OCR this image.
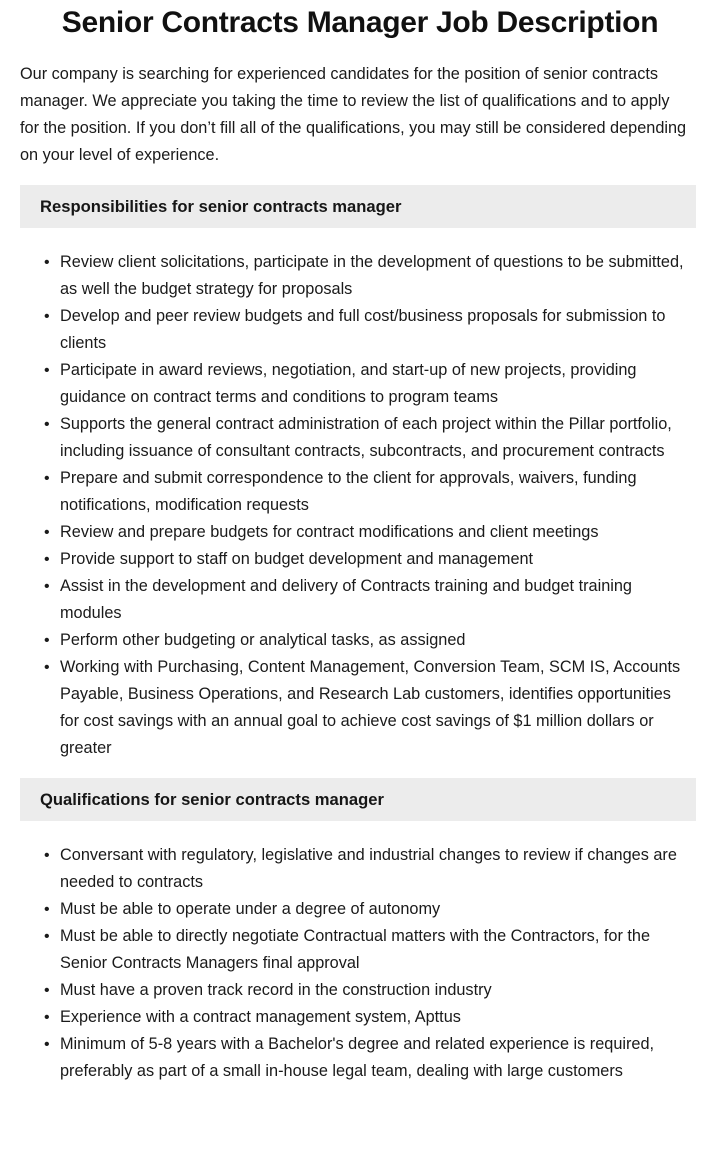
Senior Contracts Manager Job Description

Our company is searching for experienced candidates for the position of senior contracts manager. We appreciate you taking the time to review the list of qualifications and to apply for the position. If you don’t fill all of the qualifications, you may still be considered depending on your level of experience.

Responsibilities for senior contracts manager
• Review client solicitations, participate in the development of questions to be submitted, as well the budget strategy for proposals
• Develop and peer review budgets and full cost/business proposals for submission to clients
• Participate in award reviews, negotiation, and start-up of new projects, providing guidance on contract terms and conditions to program teams
• Supports the general contract administration of each project within the Pillar portfolio, including issuance of consultant contracts, subcontracts, and procurement contracts
• Prepare and submit correspondence to the client for approvals, waivers, funding notifications, modification requests
• Review and prepare budgets for contract modifications and client meetings
• Provide support to staff on budget development and management
• Assist in the development and delivery of Contracts training and budget training modules
• Perform other budgeting or analytical tasks, as assigned
• Working with Purchasing, Content Management, Conversion Team, SCM IS, Accounts Payable, Business Operations, and Research Lab customers, identifies opportunities for cost savings with an annual goal to achieve cost savings of $1 million dollars or greater
Qualifications for senior contracts manager
• Conversant with regulatory, legislative and industrial changes to review if changes are needed to contracts
• Must be able to operate under a degree of autonomy
• Must be able to directly negotiate Contractual matters with the Contractors, for the Senior Contracts Managers final approval
• Must have a proven track record in the construction industry
• Experience with a contract management system, Apttus
• Minimum of 5-8 years with a Bachelor's degree and related experience is required, preferably as part of a small in-house legal team, dealing with large customers
